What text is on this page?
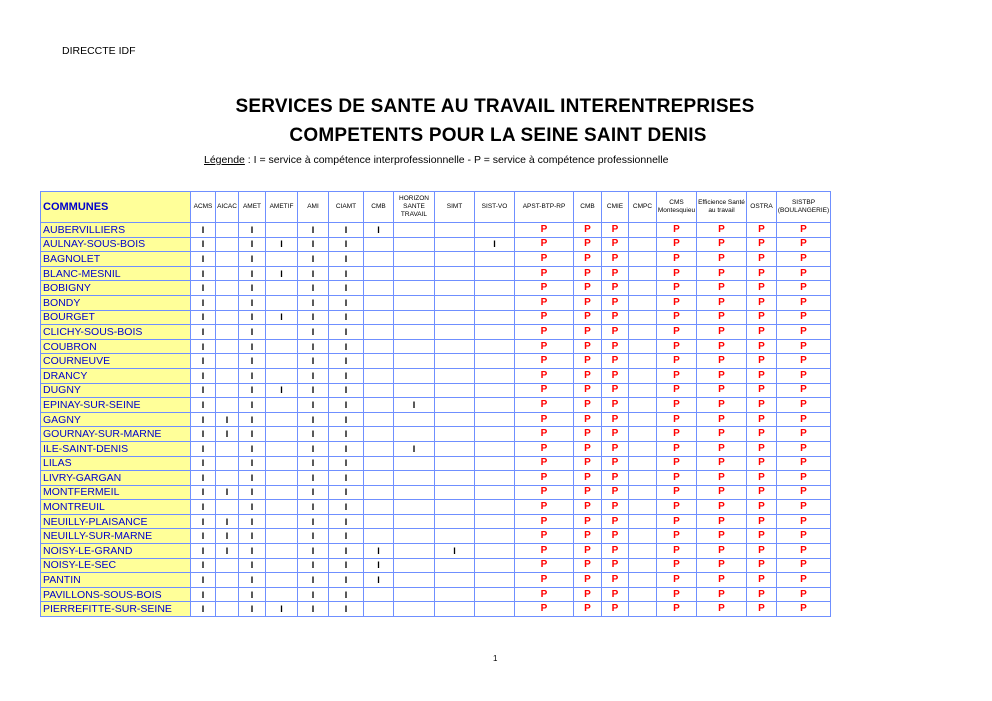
DIRECCTE IDF
SERVICES DE SANTE AU TRAVAIL INTERENTREPRISES
COMPETENTS POUR LA SEINE SAINT DENIS
Légende : I = service à compétence interprofessionnelle - P = service à compétence professionnelle
COMMUNES	ACMS	AICAC	AMET	AMETIF	AMI	CIAMT	CMB	HORIZON SANTE TRAVAIL	SIMT	SIST-VO	APST-BTP-RP	CMB	CMIE	CMPC	CMS Montesquieu	Efficience Santé au travail	OSTRA	SISTBP (BOULANGERIE)
AUBERVILLIERS	I		I		I	I	I				P	P	P		P	P	P	P
AULNAY-SOUS-BOIS	I		I	I	I	I				I	P	P	P		P	P	P	P
BAGNOLET	I		I		I	I					P	P	P		P	P	P	P
BLANC-MESNIL	I		I	I	I	I					P	P	P		P	P	P	P
BOBIGNY	I		I		I	I					P	P	P		P	P	P	P
BONDY	I		I		I	I					P	P	P		P	P	P	P
BOURGET	I		I	I	I	I					P	P	P		P	P	P	P
CLICHY-SOUS-BOIS	I		I		I	I					P	P	P		P	P	P	P
COUBRON	I		I		I	I					P	P	P		P	P	P	P
COURNEUVE	I		I		I	I					P	P	P		P	P	P	P
DRANCY	I		I		I	I					P	P	P		P	P	P	P
DUGNY	I		I	I	I	I					P	P	P		P	P	P	P
EPINAY-SUR-SEINE	I		I		I	I		I			P	P	P		P	P	P	P
GAGNY	I	I	I		I	I					P	P	P		P	P	P	P
GOURNAY-SUR-MARNE	I	I	I		I	I					P	P	P		P	P	P	P
ILE-SAINT-DENIS	I		I		I	I		I			P	P	P		P	P	P	P
LILAS	I		I		I	I					P	P	P		P	P	P	P
LIVRY-GARGAN	I		I		I	I					P	P	P		P	P	P	P
MONTFERMEIL	I	I	I		I	I					P	P	P		P	P	P	P
MONTREUIL	I		I		I	I					P	P	P		P	P	P	P
NEUILLY-PLAISANCE	I	I	I		I	I					P	P	P		P	P	P	P
NEUILLY-SUR-MARNE	I	I	I		I	I					P	P	P		P	P	P	P
NOISY-LE-GRAND	I	I	I		I	I	I		I		P	P	P		P	P	P	P
NOISY-LE-SEC	I		I		I	I	I				P	P	P		P	P	P	P
PANTIN	I		I		I	I	I				P	P	P		P	P	P	P
PAVILLONS-SOUS-BOIS	I		I		I	I					P	P	P		P	P	P	P
PIERREFITTE-SUR-SEINE	I		I	I	I	I					P	P	P		P	P	P	P
1
